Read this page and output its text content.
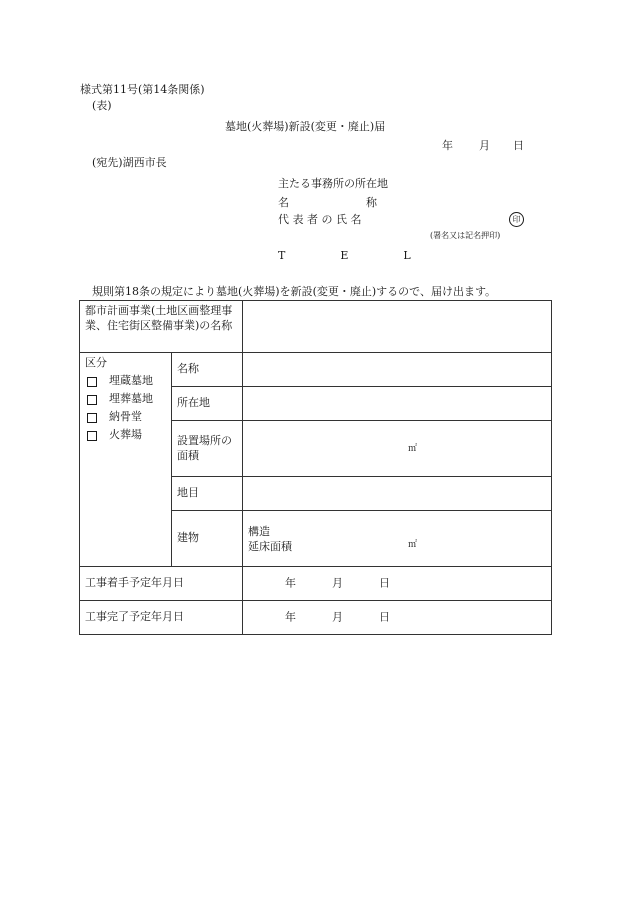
様式第11号(第14条関係)
(表)
墓地(火葬場)新設(変更・廃止)届
年 月 日
(宛先)湖西市長
主たる事務所の所在地
名　　　　　　　称
代 表 者 の 氏 名	印
(署名又は記名押印)
T　　　　　E　　　　　L
規則第18条の規定により墓地(火葬場)を新設(変更・廃止)するので、届け出ます。
都市計画事業(土地区画整理事業、住宅街区整備事業)の名称		

区分
埋蔵墓地
埋葬墓地
納骨堂
火葬場	名称	
	所在地	
	設置場所の面積	㎡

	地目	
	建物	構造
延床面積 ㎡

工事着手予定年月日		年 月 日

工事完了予定年月日		年 月 日
